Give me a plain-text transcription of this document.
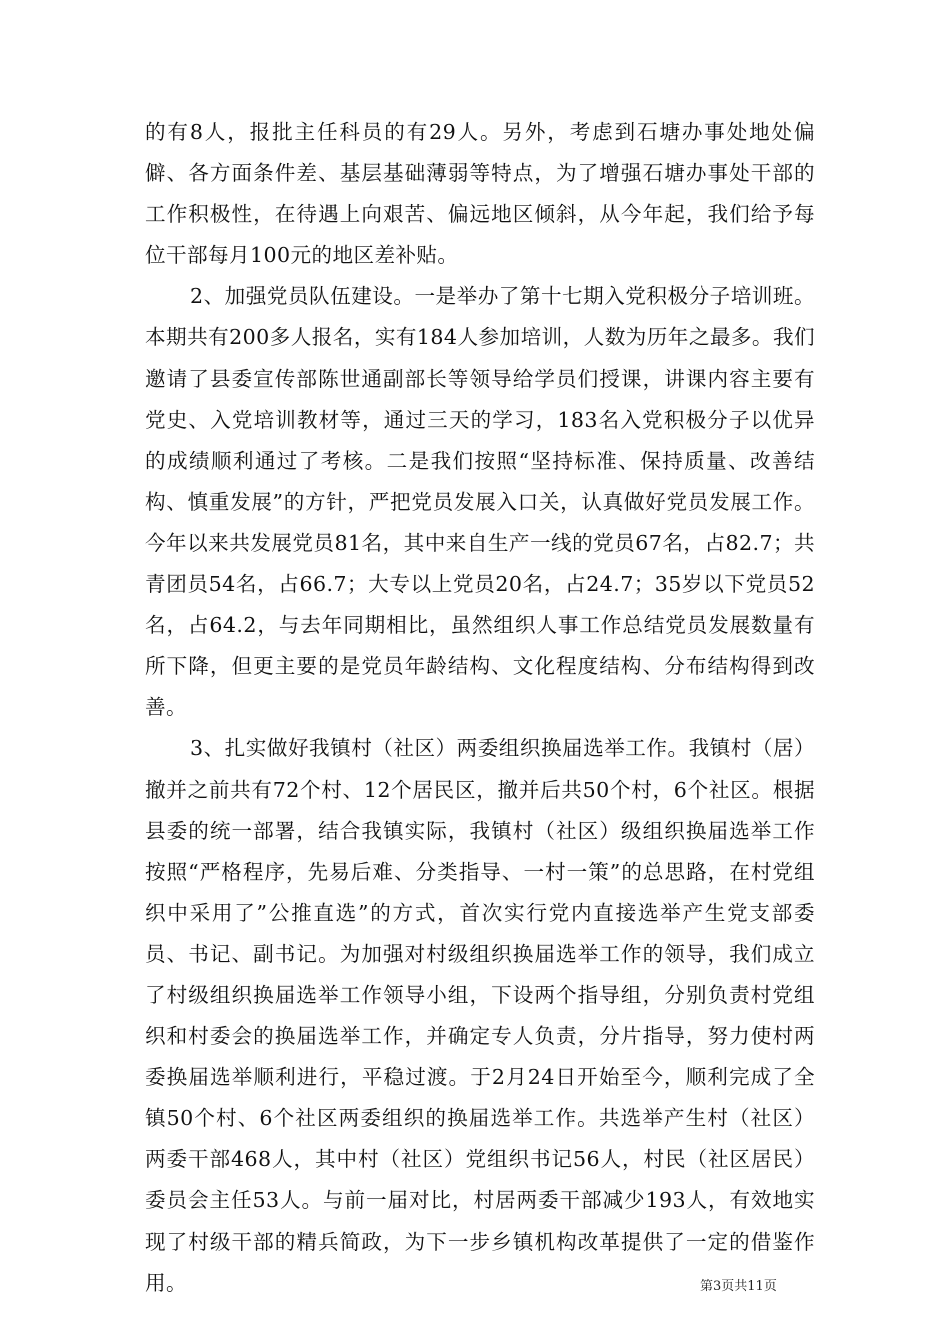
的有8人，报批主任科员的有29人。另外，考虑到石塘办事处地处偏僻、各方面条件差、基层基础薄弱等特点，为了增强石塘办事处干部的工作积极性，在待遇上向艰苦、偏远地区倾斜，从今年起，我们给予每位干部每月100元的地区差补贴。

2、加强党员队伍建设。一是举办了第十七期入党积极分子培训班。本期共有200多人报名，实有184人参加培训，人数为历年之最多。我们邀请了县委宣传部陈世通副部长等领导给学员们授课，讲课内容主要有党史、入党培训教材等，通过三天的学习，183名入党积极分子以优异的成绩顺利通过了考核。二是我们按照“坚持标准、保持质量、改善结构、慎重发展”的方针，严把党员发展入口关，认真做好党员发展工作。今年以来共发展党员81名，其中来自生产一线的党员67名，占82.7；共青团员54名，占66.7；大专以上党员20名，占24.7；35岁以下党员52名，占64.2，与去年同期相比，虽然组织人事工作总结党员发展数量有所下降，但更主要的是党员年龄结构、文化程度结构、分布结构得到改善。

3、扎实做好我镇村（社区）两委组织换届选举工作。我镇村（居）撤并之前共有72个村、12个居民区，撤并后共50个村，6个社区。根据县委的统一部署，结合我镇实际，我镇村（社区）级组织换届选举工作按照“严格程序，先易后难、分类指导、一村一策”的总思路，在村党组织中采用了”公推直选”的方式，首次实行党内直接选举产生党支部委员、书记、副书记。为加强对村级组织换届选举工作的领导，我们成立了村级组织换届选举工作领导小组，下设两个指导组，分别负责村党组织和村委会的换届选举工作，并确定专人负责，分片指导，努力使村两委换届选举顺利进行，平稳过渡。于2月24日开始至今，顺利完成了全镇50个村、6个社区两委组织的换届选举工作。共选举产生村（社区）两委干部468人，其中村（社区）党组织书记56人，村民（社区居民）委员会主任53人。与前一届对比，村居两委干部减少193人，有效地实现了村级干部的精兵简政，为下一步乡镇机构改革提供了一定的借鉴作用。	第3页共11页
